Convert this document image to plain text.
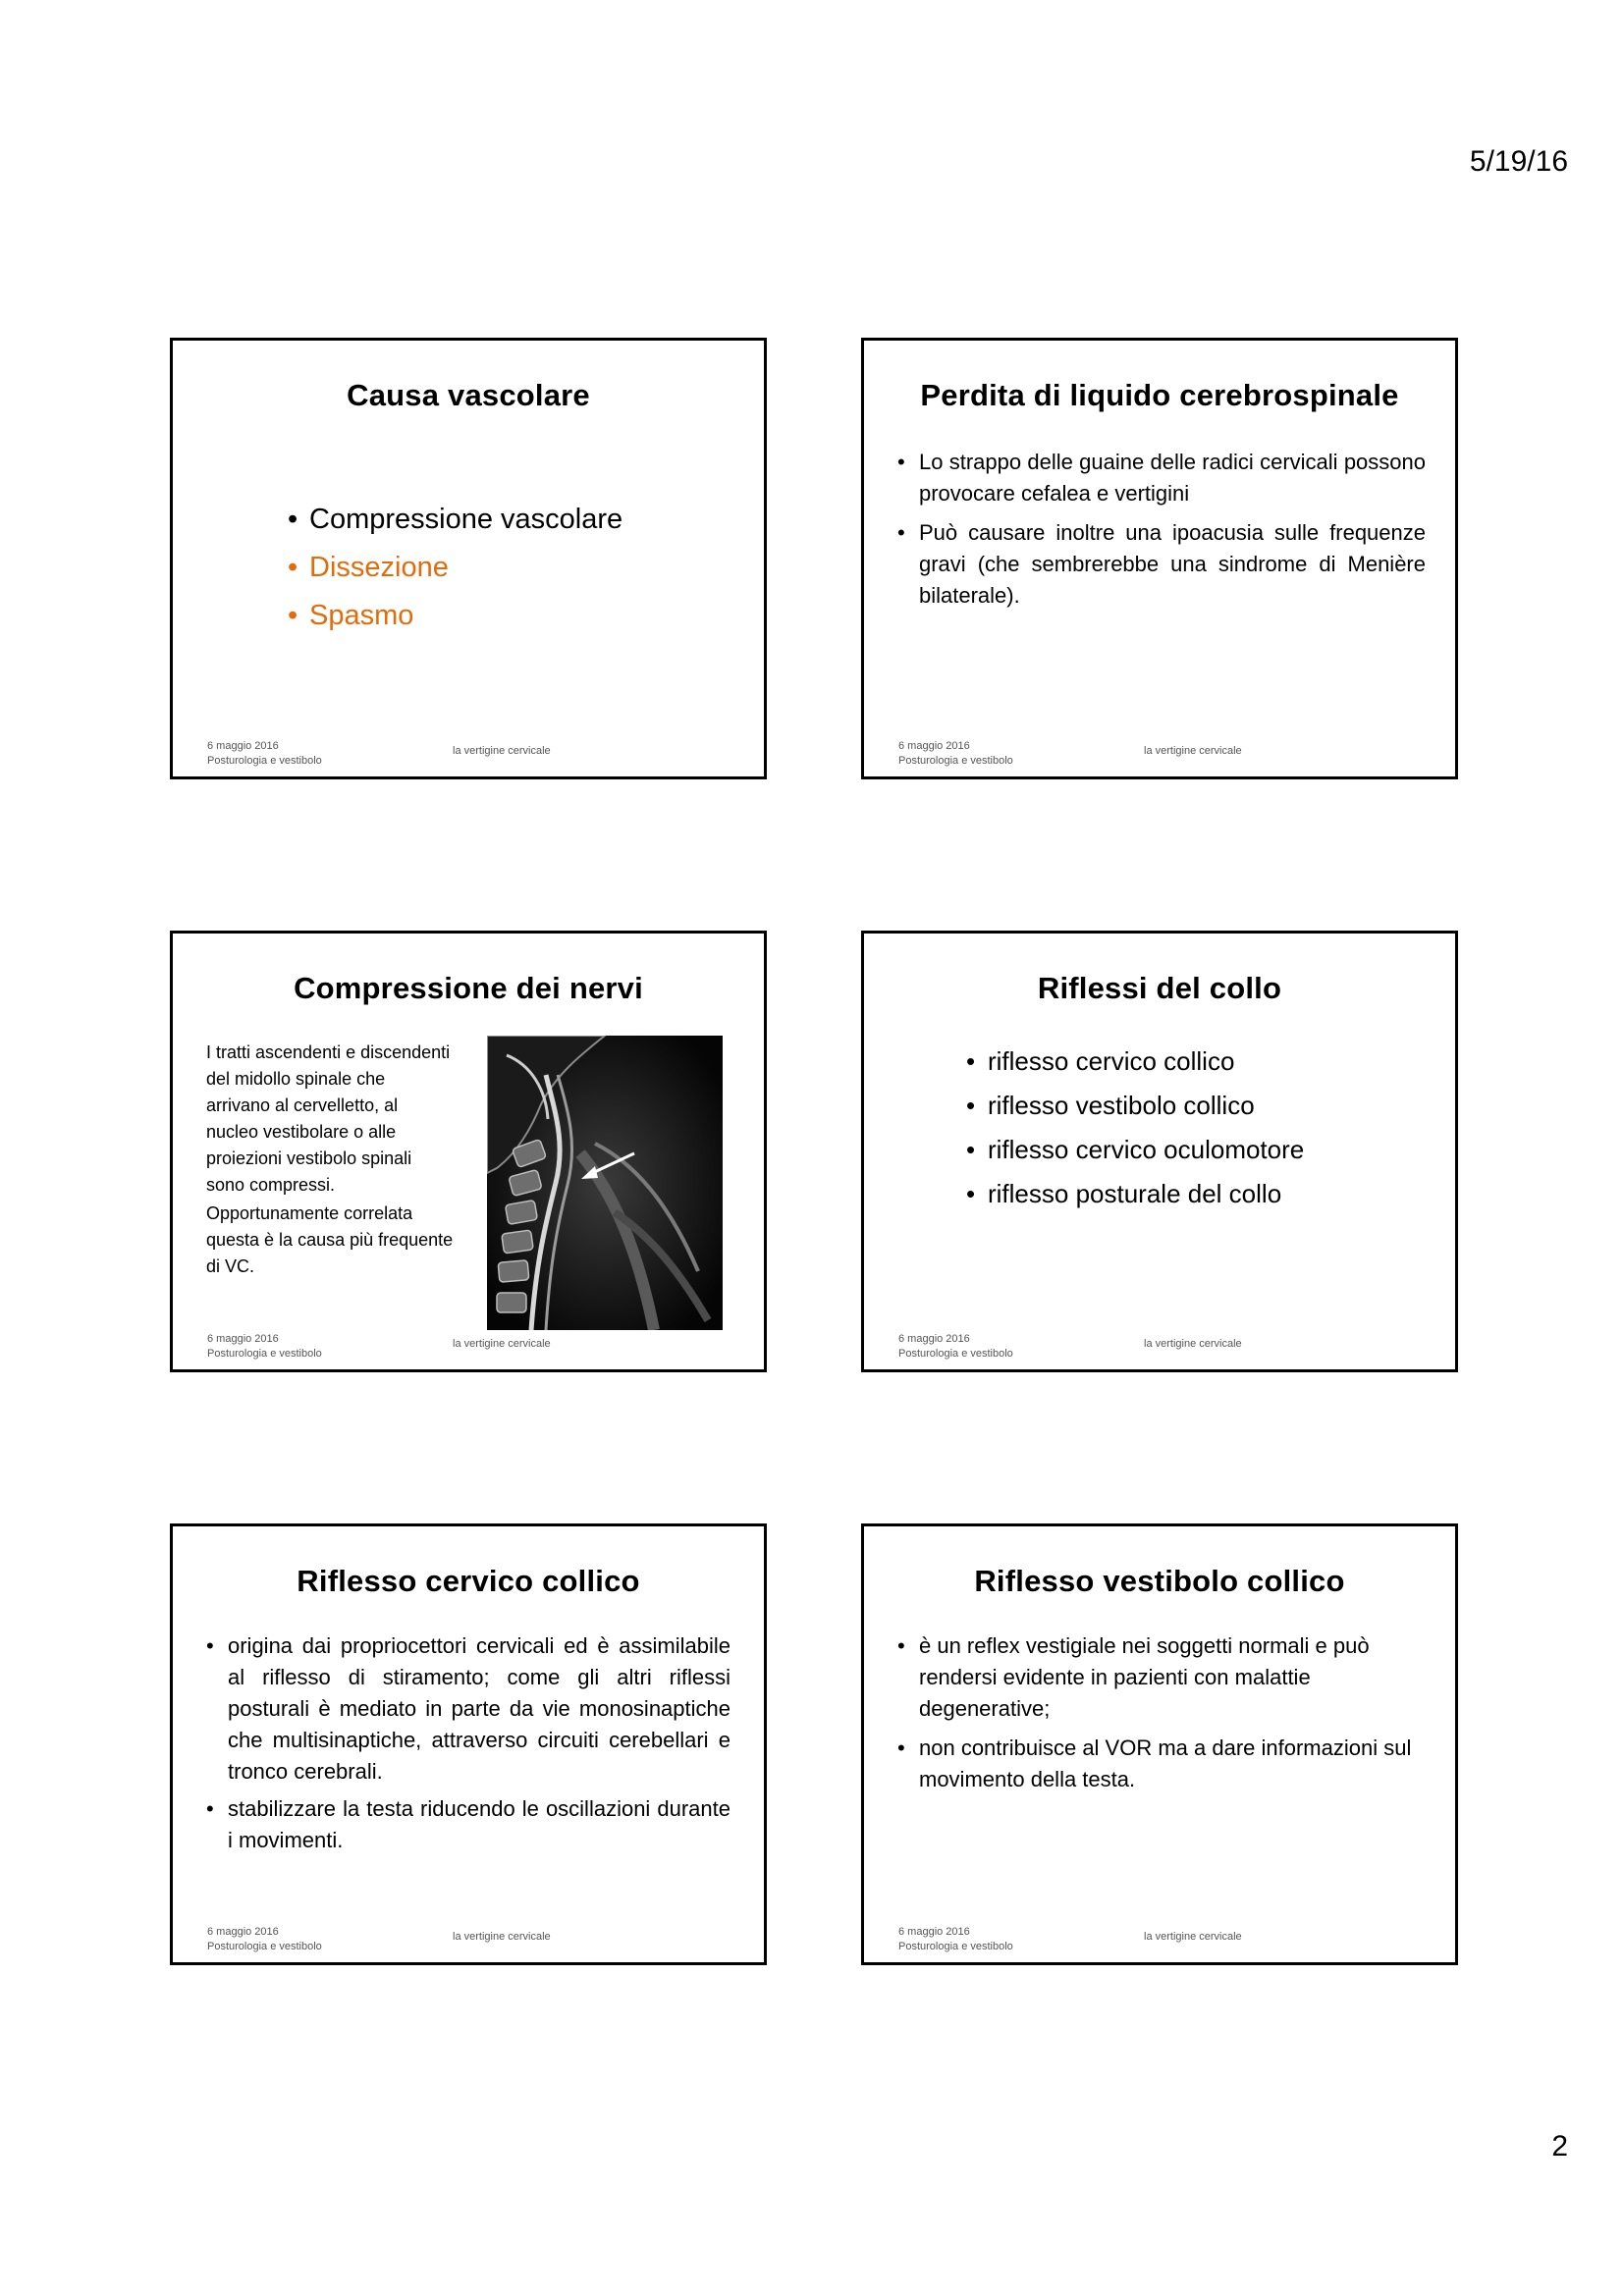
5/19/16
Causa vascolare
• Compressione vascolare
• Dissezione
• Spasmo
6 maggio 2016
Posturologia e vestibolo
la vertigine cervicale
Perdita di liquido cerebrospinale
• Lo strappo delle guaine delle radici cervicali possono provocare cefalea e vertigini
• Può causare inoltre una ipoacusia sulle frequenze gravi (che sembrerebbe una sindrome di Menière bilaterale).
6 maggio 2016
Posturologia e vestibolo
la vertigine cervicale
Compressione dei nervi

I tratti ascendenti e discendenti del midollo spinale che arrivano al cervelletto, al nucleo vestibolare o alle proiezioni vestibolo spinali sono compressi.

Opportunamente correlata questa è la causa più frequente di VC.

6 maggio 2016
Posturologia e vestibolo
la vertigine cervicale
Riflessi del collo
• riflesso cervico collico
• riflesso vestibolo collico
• riflesso cervico oculomotore
• riflesso posturale del collo
6 maggio 2016
Posturologia e vestibolo
la vertigine cervicale
Riflesso cervico collico
• origina dai propriocettori cervicali ed è assimilabile al riflesso di stiramento; come gli altri riflessi posturali è mediato in parte da vie monosinaptiche che multisinaptiche, attraverso circuiti cerebellari e tronco cerebrali.
• stabilizzare la testa riducendo le oscillazioni durante i movimenti.
6 maggio 2016
Posturologia e vestibolo
la vertigine cervicale
Riflesso vestibolo collico
• è un reflex vestigiale nei soggetti normali e può rendersi evidente in pazienti con malattie degenerative;
• non contribuisce al VOR ma a dare informazioni sul movimento della testa.
6 maggio 2016
Posturologia e vestibolo
la vertigine cervicale
2
